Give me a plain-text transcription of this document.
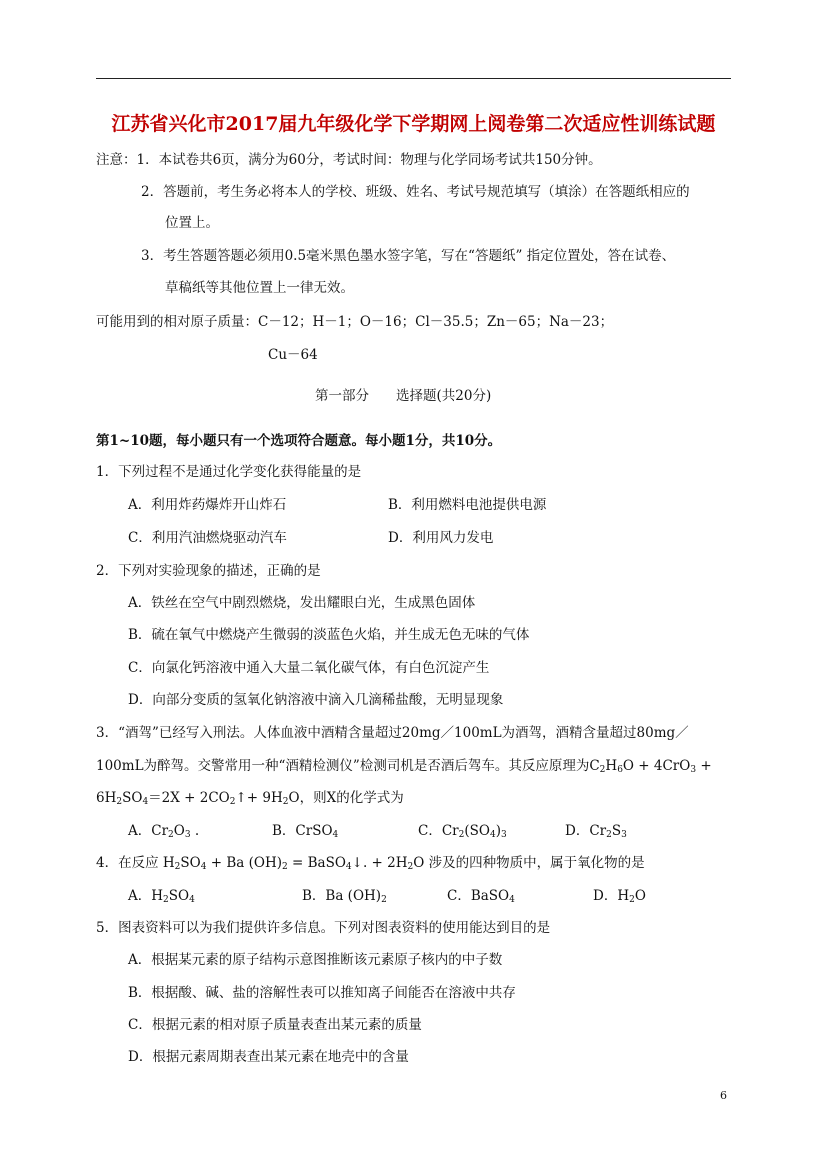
江苏省兴化市2017届九年级化学下学期网上阅卷第二次适应性训练试题
注意：1．本试卷共6页，满分为60分，考试时间：物理与化学同场考试共150分钟。
2．答题前，考生务必将本人的学校、班级、姓名、考试号规范填写（填涂）在答题纸相应的
位置上。
3．考生答题答题必须用0.5毫米黑色墨水签字笔，写在“答题纸” 指定位置处，答在试卷、
草稿纸等其他位置上一律无效。
可能用到的相对原子质量：C－12；H－1；O－16；Cl－35.5；Zn－65；Na－23；
Cu－64
第一部分　　选择题(共20分)
第1~10题，每小题只有一个选项符合题意。每小题1分，共10分。
1．下列过程不是通过化学变化获得能量的是
A．利用炸药爆炸开山炸石	B．利用燃料电池提供电源
C．利用汽油燃烧驱动汽车	D．利用风力发电
2．下列对实验现象的描述，正确的是
A．铁丝在空气中剧烈燃烧，发出耀眼白光，生成黑色固体
B．硫在氧气中燃烧产生微弱的淡蓝色火焰，并生成无色无味的气体
C．向氯化钙溶液中通入大量二氧化碳气体，有白色沉淀产生
D．向部分变质的氢氧化钠溶液中滴入几滴稀盐酸，无明显现象
3．“酒驾”已经写入刑法。人体血液中酒精含量超过20mg／100mL为酒驾，酒精含量超过80mg／
100mL为醉驾。交警常用一种“酒精检测仪”检测司机是否酒后驾车。其反应原理为$C_2H_6O + 4CrO_3$ +
$6H_2SO_4=2X$ + $2CO_2↑+ 9H_2O$，则X的化学式为
A．$Cr_2O_3$ .	B．CrSO$_4$	C．$Cr_2(SO_4)_3$	D．$Cr_2S_3$
4．在反应 $H_2SO_4 + Ba$ $(OH)_2$ = BaSO$_4$↓. + $2H_2O$ 涉及的四种物质中，属于氧化物的是
A．$H_2SO_4$	B．Ba $(OH)_2$	C．BaSO$_4$	D．$H_2O$
5．图表资料可以为我们提供许多信息。下列对图表资料的使用能达到目的是
A．根据某元素的原子结构示意图推断该元素原子核内的中子数
B．根据酸、碱、盐的溶解性表可以推知离子间能否在溶液中共存
C．根据元素的相对原子质量表查出某元素的质量
D．根据元素周期表查出某元素在地壳中的含量
6
